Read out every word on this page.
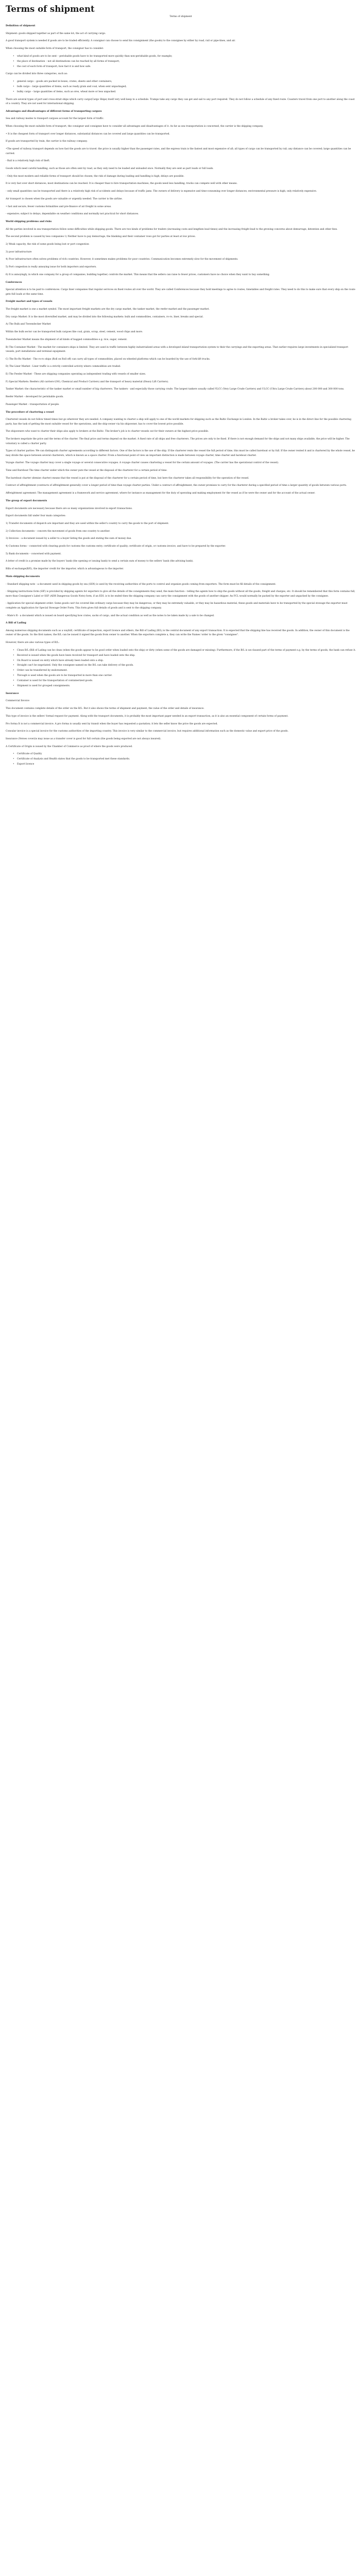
Terms of shipment
Terms of shipment

Definition of shipment

Shipment: goods shipped together as part of the same lot; the act of carrying cargo.

A good transport system is needed if goods are to be traded efficiently. A consignor can choose to send his consignment (the goods) to the consignee by either by road, rail or pipe-lines, and air.

When choosing the most suitable form of transport, the consignor has to consider:

• what kind of goods are to be sent – perishable goods have to be transported more quickly than non-perishable goods, for example;
• the place of destination – not all destinations can be reached by all forms of transport;
• the cost of each form of transport; how fast it is and how safe.

Cargo can be divided into three categories, such as:

• general cargo – goods are packed in boxes, crates, sheets and other containers;
• bulk cargo – large quantities of items, such as ready grain and coal, when sent unpackaged;
• bulky cargo – large quantities of items, such as ores, wheat more or less unpacked.

There are several types of port and cross-strait ships which carry cargo(Cargo Ships) itself very well keep to a schedule. Tramps take any cargo they can get and sail to any port required. They do not follow a schedule of any fixed route. Coasters travel from one port to another along the coast of a country. They are not used for international shipping.

Advantages and disadvantages of different forms of transporting cargoes

Sea and railway modes to transport cargoes account for the largest form of traffic.

When choosing the most suitable form of transport, the consignor and consignee have to consider all advantages and disadvantages of it. As far as sea transportation is concerned, the carrier is the shipping company.

• It is the cheapest form of transport over longer distances, substantial distances can be covered and large quantities can be transported.

If goods are transported by train, the carrier is the railway company.

•The speed of railway transport depends on how fast the goods are to travel: the price is usually higher than the passenger rates, and the express train is the fastest and most expensive of all; all types of cargo can be transported by rail; any distance can be covered; large quantities can be carried.

- Rail is a relatively high risk of theft.

Goods which need careful handling, such as those are often sent by road, as they only need to be loaded and unloaded once. Normally they are sent as part loads or full loads.

- Only the most modern and reliable forms of transport should be chosen; the risk of damage during loading and handling is high; delays are possible.

It is very fast over short distances, most destinations can be reached. It is cheaper than to hire transportation machines; the goods need less handling; trucks can compete well with other means.

- only small quantities can be transported and there is a relatively high risk of accidents and delays because of traffic jams. The owners of delivery is expensive and time-consuming over longer distances; environmental pressure is high; only relatively expensive.

Air transport is chosen when the goods are valuable or urgently needed. The carrier is the airline.

• fast and secure; fewer customs formalities and pre-finance of air freight in some areas.

- expensive; subject to delays, dependable on weather conditions and normally not practical for short distances.

World shipping problems and risks

All the parties involved in sea transportation follow some difficulties while shipping goods. There are two kinds of problems for traders (increasing costs and lengthen lead times) and the increasing freight lead to the growing concerns about demurrage, detention and other fees.

The second problem is caused by less companies 1) Neither have to pay demurrage, the blanking and their container rows got for parties at least at low prices.

2) Weak capacity, the risk of some goods being lost or port congestion

3) poor infrastructure

4) Poor infrastructure often solves problems of rich countries. However, it sometimes makes problems for poor countries. Communication becomes extremely slow for the movement of shipments.

5) Port congestion is really annoying issue for both importers and exporters.

6) It is annoyingly, in which one company for a group of companies, building together, controls the market. This means that the sellers can raise to fewer prices, customers have no choice when they want to buy something.

Conferences

Special attention is to be paid to conferences. Cargo liner companies that regular services on fixed routes all over the world. They are called Conferences because they hold meetings to agree to routes, timetables and freight rates. They need to do this to make sure that every ship on the route gets full loads at the same time.

Freight market and types of vessels

The freight market is one a market symbol. The most important freight markets are the dry cargo market, the tanker market, the reefer market and the passenger market.

Dry cargo Market: It is the most diversified market, and may be divided into the following markets: bulk and commodities, containers, ro-ro, liner, breaks and special.

A) The Bulk and Tweendecker Market

Within the bulk sector can be transported bulk cargoes like coal, grain, scrap, steel, cement, wood chips and more.

Tweendecker Market means the shipment of all kinds of bagged commodities e.g. rice, sugar, cement.

B) The Container Market - The market for containers ships is limited. They are used in traffic between highly industrialized areas with a developed inland transportation system to their the carryings and the exporting areas. That earlier requires large investments in specialized transport vessels, port installations and terminal equipment.

C) The Ro-Ro Market - The ro-ro ships (Roll on Roll off) can carry all types of commodities, placed on wheeled platforms which can be boarded by the use of fork-lift trucks.

D) The Liner Market - Liner traffic is a strictly controlled activity where commodities are traded.

E) The Feeder Market - These are shipping companies operating as independent trading with vessels of smaller sizes.

F) Special Markets: Reefers (All carriers-LNG, Chemical and Product Carriers) and the transport of heavy material (Heavy Lift Carriers).

Tanker Market: the characteristic of the tanker market or small number of big charterers. The tankers - and especially those carrying crude. The largest tankers usually called VLCC (Very Large Crude Carriers) and ULCC (Ultra Large Crude Carriers) about 200 000 and 300 000 tons.

Reefer Market – developed for perishable goods.

Passenger Market – transportation of people.

The procedure of chartering a vessel

Chartered vessels do not follow timed times but go wherever they are needed. A company wanting to charter a ship will apply to one of the world markets for shipping such as the Baltic Exchange in London. In the Baltic a broker takes over, he is in the direct line for the possible chartering party, has the task of getting the most suitable vessel for the operations, and the ship-owner via his shipowner, has to cover the lowest price possible.

The shipowners who want to charter their ships also apply to brokers at the Baltic. The broker's job is to charter vessels out for their owners at the highest price possible.

The brokers negotiate the price and the terms of the charter. The final price and terms depend on the market. A fixed rate of all ships and free charterers. The prices are only to be fixed. If there is not enough demand for the ships and not many ships available, the price will be higher. The voluntary is called a charter party.

Types of charter parties: We can distinguish charter agreements according to different factors. One of the factors is the use of the ship. If the charterer rents the vessel the full period of time, this must be called bareboat or by full. If the owner rented it and is chartered by the whole vessel, he may divide the space between several charterers, which is known as a space charter. From a functional point of view an important distinction is made between voyage charter, time charter and bareboat charter.

Voyage charter: The voyage charter may cover a single voyage or several consecutive voyages. A voyage charter causes chartering a vessel for the certain amount of voyages. (The carrier has the operational control of the vessel).

Time and Bareboat The time charter under which the owner puts the vessel at the disposal of the charterer for a certain period of time.

The bareboat charter (demise charter) means that the vessel is put at the disposal of the charterer for a certain period of time, but here the charterer takes all responsibility for the operation of the vessel.

Contract of affreightment (contracts of affreightment generally cover a longer period of time than voyage charter parties. Under a contract of affreightment, the owner promises to carry for the charterer during a specified period of time a larger quantity of goods between various ports.

Affreightment agreement: The management agreement is a framework and service agreement, where for instance as management for the duty of operating and making employment for the vessel as if he were the owner and for the account of the actual owner.

The group of export documents

Export documents are necessary because there are so many organizations involved in export transactions.

Export documents fall under four main categories:

1) Transfer documents of dispatch are important and they are used within the seller's country to carry the goods to the port of shipment.

2) Collection documents – concern the movement of goods from one country to another.

3) Invoices – a document issued by a seller to a buyer listing the goods and stating the sum of money due.

4) Customs forms – connected with clearing goods for customs the customs entry, certificate of quality, certificate of origin, or customs invoice, and have to be prepared by the exporter.

5) Bank documents – concerned with payment.

A letter of credit is a promise made by the buyers' bank (the opening or issuing bank) to send a certain sum of money to the sellers' bank (the advising bank).

Bills of exchange(B/E), the importer credit for the importer, which is advantageous to the importer.

Main shipping documents

- Standard shipping note - a document used in shipping goods by sea (SSN) is used by the receiving authorities of the ports to control and organize goods coming from exporters. The form must be fill details of the consignment.

- Shipping instructions form (SIF) is provided by shipping agents for exporters to give all the details of the consignments they send, the main function – telling the agents how to ship the goods without all the goods, freight and charges, etc. It should be remembered that this form contains full, more than Consignee's Label or SSF (ADR Dangerous Goods Note) form, if an EDI. is to be ended then the shipping company can carry the consignment with the goods of another shipper. An FCL would normally be packed by the exporter and unpacked by the consignee.

- Application for special shipment order: Some goods can't be covered like ordinary cargo because they may be dangerous, or they may be extremely valuable, or they may be hazardous material, these goods and materials have to be transported by the special stowage the exporter must complete an Application for Special Stowage Order Form. This form gives full details of goods and is sent to the shipping company.

- Mate's R - a document which is issued on board specifying how crates, sacks of cargo, and the actual condition as well as the notes to be taken made by a sale to be changed.

A Bill of Lading

Among numerous shipping documents such as a waybill, certificate of inspection, export licence and others, the Bill of Lading (B/L) is the central document of any export transaction. It is expected that the shipping line has received the goods. In addition, the owner of this document is the owner of the goods. So the first names, the B/L can be issued it signed the goods from owner to another. When the exporters complete a, they can write the Names 'order to the given "consignee".

However, there are also various types of B/L:

• Clean B/L (Bill of Lading can be clean (when the goods appear to be good order when loaded onto the ship) or dirty (when some of the goods are damaged or missing). Furthermore, if the B/L is un-claused part of the terms of payment e.g. by the terms of goods, the bank can refuse it.
• Received is issued when the goods have been received for transport and have loaded onto the ship.
• On Board is issued on entry which have already been loaded onto a ship.
• Straight can't be negotiated. Only the consignee named on the B/L can take delivery of the goods.
• Order can be transferred by endorsement.
• Through is used when the goods are to be transported in more than one carrier.
• Container is used for the transportation of containerized goods.
• Shipment is used for grouped consignments.

Insurance

Commercial Invoice

This document contains complete details of the order on the B/L. But it also shows the terms of shipment and payment, the value of the order and details of insurance.

This type of invoice is the sellers' formal request for payment. Along with the transport documents, it is probably the most important paper needed in an export transaction, as it is also an essential component of certain forms of payment.

Pro forma It is not a commercial invoice. A pro forma is usually sent by transit when the buyer has requested a quotation; it lets the seller know the price the goods are expected.

Consular invoice is a special invoice for the customs authorities of the importing country. This invoice is very similar to the commercial invoice, but requires additional information such as the domestic value and export price of the goods.

Insurance (Verses cover)is may issue as a transfer cover is good for full certain (the goods being exported are not always insured).

A Certificate of Origin is issued by the Chamber of Commerce as proof of where the goods were produced.

• Certificate of Quality
• Certificate of Analysis and Health states that the goods to be transported met these standards.
• Export licence
